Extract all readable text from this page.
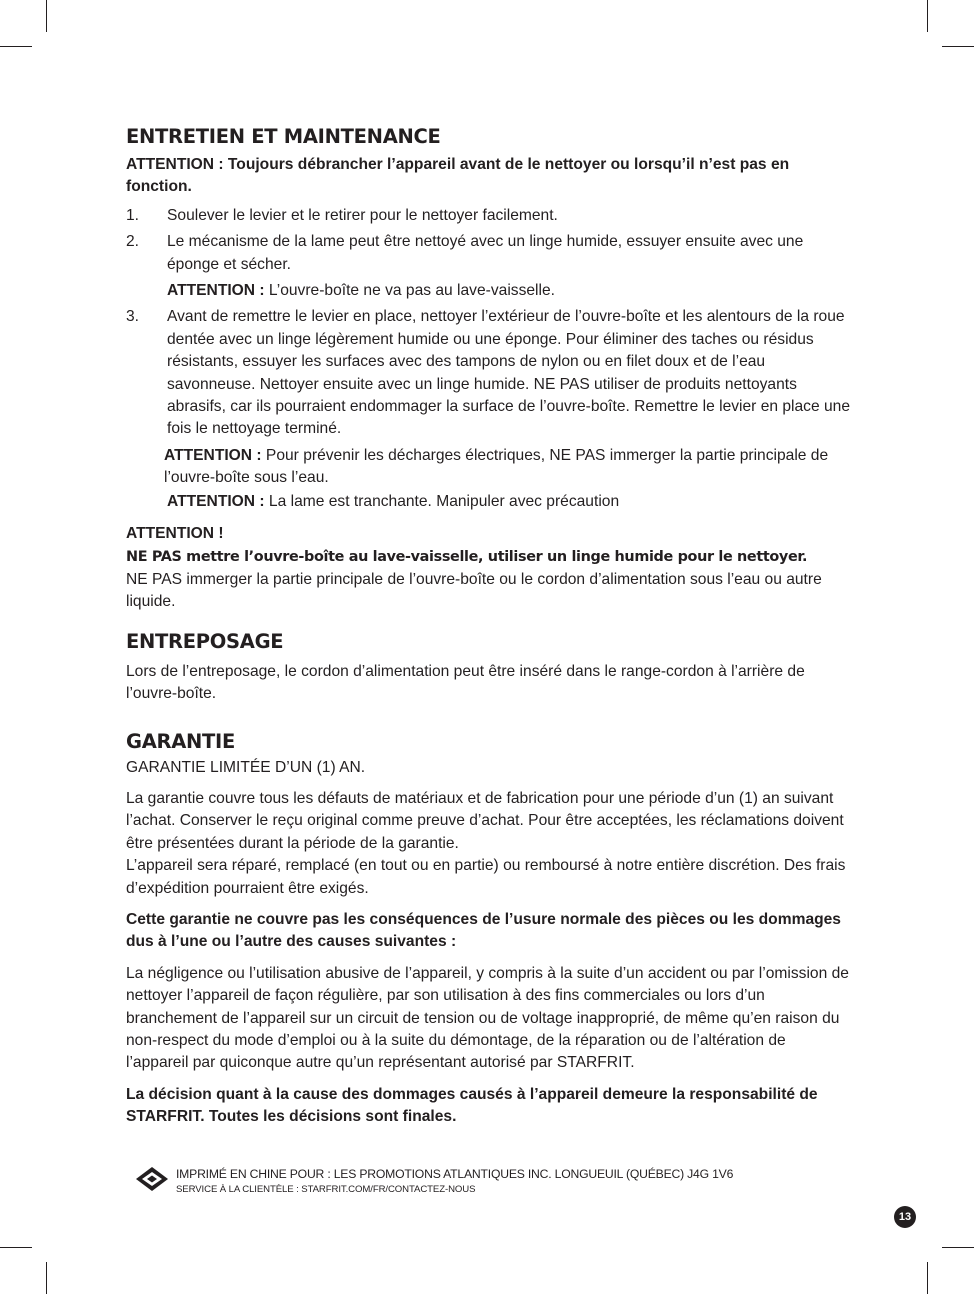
ENTRETIEN ET MAINTENANCE

ATTENTION : Toujours débrancher l’appareil avant de le nettoyer ou lorsqu’il n’est pas en fonction.

1. Soulever le levier et le retirer pour le nettoyer facilement.
2. Le mécanisme de la lame peut être nettoyé avec un linge humide, essuyer ensuite avec une éponge et sécher.
ATTENTION : L’ouvre-boîte ne va pas au lave-vaisselle.
3. Avant de remettre le levier en place, nettoyer l’extérieur de l’ouvre-boîte et les alentours de la roue dentée avec un linge légèrement humide ou une éponge. Pour éliminer des taches ou résidus résistants, essuyer les surfaces avec des tampons de nylon ou en filet doux et de l’eau savonneuse. Nettoyer ensuite avec un linge humide. NE PAS utiliser de produits nettoyants abrasifs, car ils pourraient endommager la surface de l’ouvre-boîte. Remettre le levier en place une fois le nettoyage terminé.
ATTENTION : Pour prévenir les décharges électriques, NE PAS immerger la partie principale de l’ouvre-boîte sous l’eau.
ATTENTION : La lame est tranchante. Manipuler avec précaution

ATTENTION !

NE PAS mettre l’ouvre-boîte au lave-vaisselle, utiliser un linge humide pour le nettoyer.

NE PAS immerger la partie principale de l’ouvre-boîte ou le cordon d’alimentation sous l’eau ou autre liquide.

ENTREPOSAGE

Lors de l’entreposage, le cordon d’alimentation peut être inséré dans le range-cordon à l’arrière de l’ouvre-boîte.

GARANTIE

GARANTIE LIMITÉE D’UN (1) AN.

La garantie couvre tous les défauts de matériaux et de fabrication pour une période d’un (1) an suivant l’achat. Conserver le reçu original comme preuve d’achat. Pour être acceptées, les réclamations doivent être présentées durant la période de la garantie.

L’appareil sera réparé, remplacé (en tout ou en partie) ou remboursé à notre entière discrétion. Des frais d’expédition pourraient être exigés.

Cette garantie ne couvre pas les conséquences de l’usure normale des pièces ou les dommages dus à l’une ou l’autre des causes suivantes :

La négligence ou l’utilisation abusive de l’appareil, y compris à la suite d’un accident ou par l’omission de nettoyer l’appareil de façon régulière, par son utilisation à des fins commerciales ou lors d’un branchement de l’appareil sur un circuit de tension ou de voltage inapproprié, de même qu’en raison du non-respect du mode d’emploi ou à la suite du démontage, de la réparation ou de l’altération de l’appareil par quiconque autre qu’un représentant autorisé par STARFRIT.

La décision quant à la cause des dommages causés à l’appareil demeure la responsabilité de STARFRIT. Toutes les décisions sont finales.

IMPRIMÉ EN CHINE POUR : LES PROMOTIONS ATLANTIQUES INC. LONGUEUIL (QUÉBEC) J4G 1V6
SERVICE À LA CLIENTÈLE : STARFRIT.COM/FR/CONTACTEZ-NOUS
13
